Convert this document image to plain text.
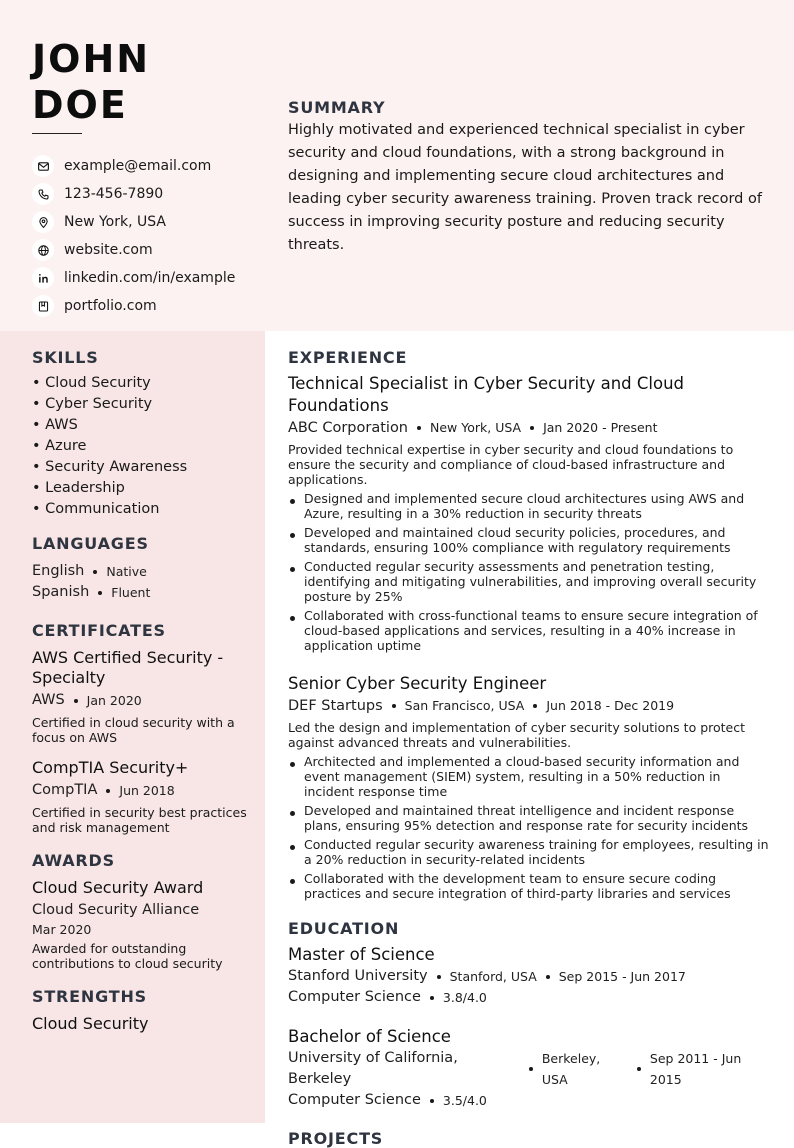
JOHN DOE
example@email.com
123-456-7890
New York, USA
website.com
linkedin.com/in/example
portfolio.com
SUMMARY
Highly motivated and experienced technical specialist in cyber security and cloud foundations, with a strong background in designing and implementing secure cloud architectures and leading cyber security awareness training. Proven track record of success in improving security posture and reducing security threats.
SKILLS
• Cloud Security
• Cyber Security
• AWS
• Azure
• Security Awareness
• Leadership
• Communication
LANGUAGES
English Native
Spanish Fluent
CERTIFICATES
AWS Certified Security - Specialty
AWS Jan 2020
Certified in cloud security with a focus on AWS
CompTIA Security+
CompTIA Jun 2018
Certified in security best practices and risk management
AWARDS
Cloud Security Award
Cloud Security Alliance
Mar 2020
Awarded for outstanding contributions to cloud security
STRENGTHS
Cloud Security
EXPERIENCE
Technical Specialist in Cyber Security and Cloud Foundations
ABC Corporation New York, USA Jan 2020 - Present
Provided technical expertise in cyber security and cloud foundations to ensure the security and compliance of cloud-based infrastructure and applications.
Designed and implemented secure cloud architectures using AWS and Azure, resulting in a 30% reduction in security threats
Developed and maintained cloud security policies, procedures, and standards, ensuring 100% compliance with regulatory requirements
Conducted regular security assessments and penetration testing, identifying and mitigating vulnerabilities, and improving overall security posture by 25%
Collaborated with cross-functional teams to ensure secure integration of cloud-based applications and services, resulting in a 40% increase in application uptime
Senior Cyber Security Engineer
DEF Startups San Francisco, USA Jun 2018 - Dec 2019
Led the design and implementation of cyber security solutions to protect against advanced threats and vulnerabilities.
Architected and implemented a cloud-based security information and event management (SIEM) system, resulting in a 50% reduction in incident response time
Developed and maintained threat intelligence and incident response plans, ensuring 95% detection and response rate for security incidents
Conducted regular security awareness training for employees, resulting in a 20% reduction in security-related incidents
Collaborated with the development team to ensure secure coding practices and secure integration of third-party libraries and services
EDUCATION
Master of Science
Stanford University Stanford, USA Sep 2015 - Jun 2017
Computer Science 3.8/4.0
Bachelor of Science
University of California, Berkeley
Berkeley, USA
Sep 2011 - Jun 2015
Computer Science 3.5/4.0
PROJECTS
